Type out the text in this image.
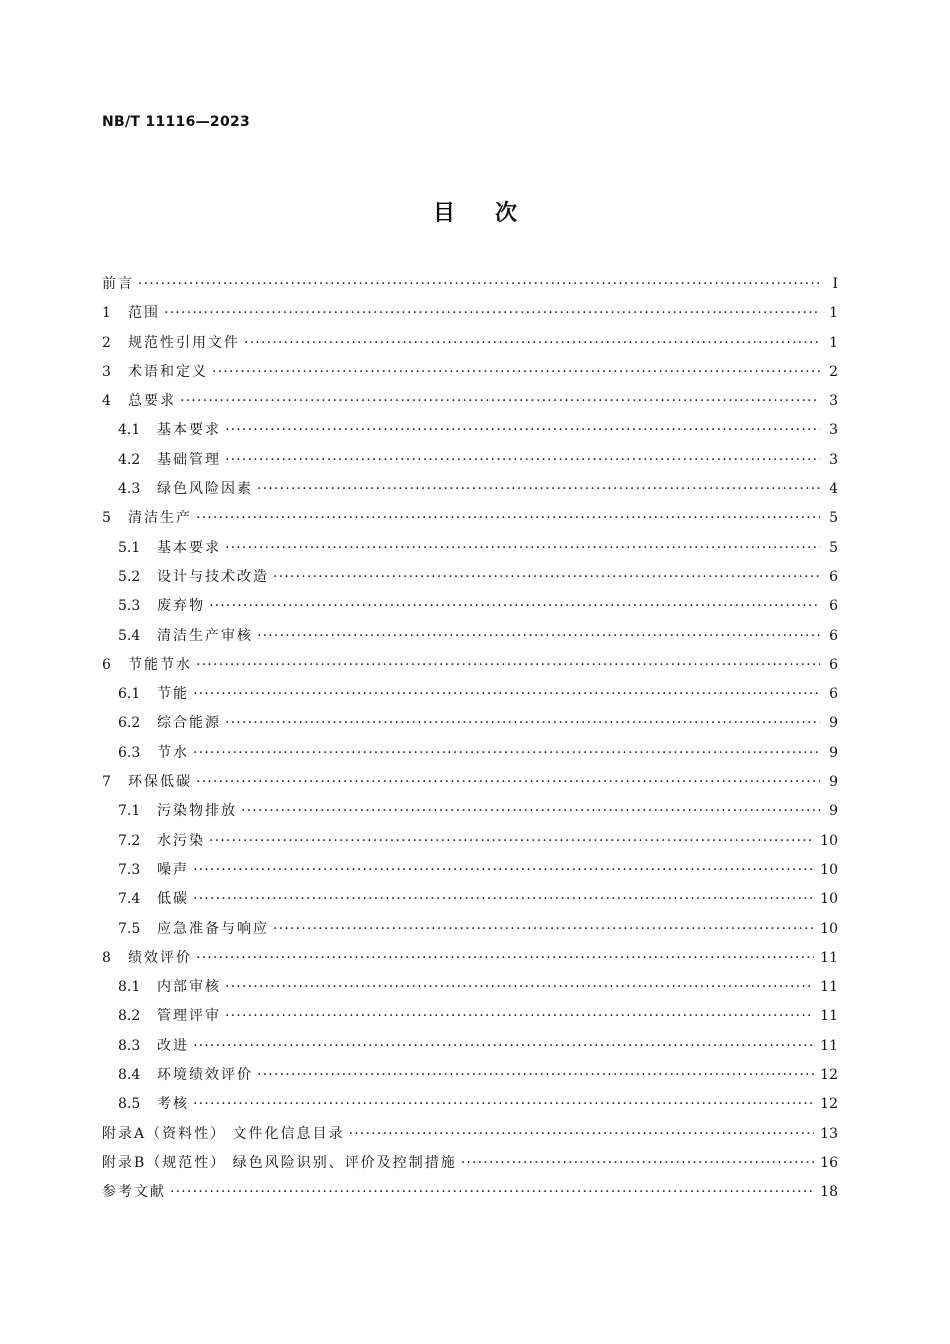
NB/T 11116—2023
目次
前言 ·····	Ⅰ
1	范围 ·····	1
2	规范性引用文件 ·····	1
3	术语和定义 ·····	2
4	总要求 ·····	3
4.1	基本要求 ·····	3
4.2	基础管理 ·····	3
4.3	绿色风险因素 ·····	4
5	清洁生产 ·····	5
5.1	基本要求 ·····	5
5.2	设计与技术改造 ·····	6
5.3	废弃物 ·····	6
5.4	清洁生产审核 ·····	6
6	节能节水 ·····	6
6.1	节能 ·····	6
6.2	综合能源 ·····	9
6.3	节水 ·····	9
7	环保低碳 ·····	9
7.1	污染物排放 ·····	9
7.2	水污染 ·····	10
7.3	噪声 ·····	10
7.4	低碳 ·····	10
7.5	应急准备与响应 ·····	10
8	绩效评价 ·····	11
8.1	内部审核 ·····	11
8.2	管理评审 ·····	11
8.3	改进 ·····	11
8.4	环境绩效评价 ·····	12
8.5	考核 ·····	12
附录A（资料性） 文件化信息目录 ·····	13
附录B（规范性） 绿色风险识别、评价及控制措施 ·····	16
参考文献 ·····	18
